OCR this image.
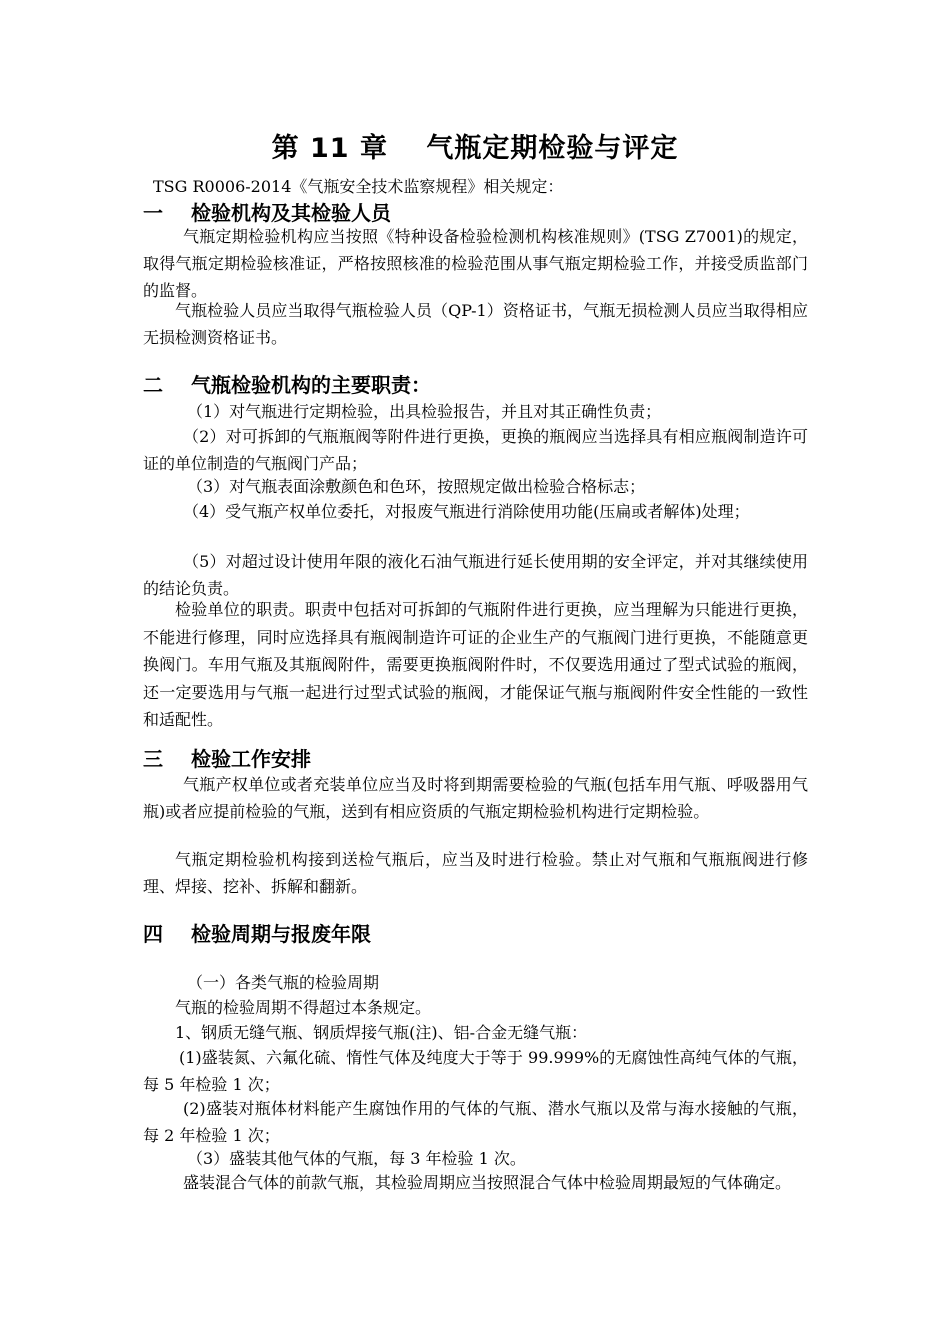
第 11 章　 气瓶定期检验与评定
TSG R0006-2014《气瓶安全技术监察规程》相关规定：
一 检验机构及其检验人员
气瓶定期检验机构应当按照《特种设备检验检测机构核准规则》(TSG Z7001)的规定，取得气瓶定期检验核准证，严格按照核准的检验范围从事气瓶定期检验工作，并接受质监部门的监督。
气瓶检验人员应当取得气瓶检验人员（QP-1）资格证书，气瓶无损检测人员应当取得相应无损检测资格证书。
二 气瓶检验机构的主要职责：
（1）对气瓶进行定期检验，出具检验报告，并且对其正确性负责；
（2）对可拆卸的气瓶瓶阀等附件进行更换，更换的瓶阀应当选择具有相应瓶阀制造许可证的单位制造的气瓶阀门产品；
（3）对气瓶表面涂敷颜色和色环，按照规定做出检验合格标志；
（4）受气瓶产权单位委托，对报废气瓶进行消除使用功能(压扁或者解体)处理；
（5）对超过设计使用年限的液化石油气瓶进行延长使用期的安全评定，并对其继续使用的结论负责。
检验单位的职责。职责中包括对可拆卸的气瓶附件进行更换，应当理解为只能进行更换，不能进行修理，同时应选择具有瓶阀制造许可证的企业生产的气瓶阀门进行更换，不能随意更换阀门。车用气瓶及其瓶阀附件，需要更换瓶阀附件时，不仅要选用通过了型式试验的瓶阀，还一定要选用与气瓶一起进行过型式试验的瓶阀，才能保证气瓶与瓶阀附件安全性能的一致性和适配性。
三 检验工作安排
气瓶产权单位或者充装单位应当及时将到期需要检验的气瓶(包括车用气瓶、呼吸器用气瓶)或者应提前检验的气瓶，送到有相应资质的气瓶定期检验机构进行定期检验。
气瓶定期检验机构接到送检气瓶后，应当及时进行检验。禁止对气瓶和气瓶瓶阀进行修理、焊接、挖补、拆解和翻新。
四 检验周期与报废年限
（一）各类气瓶的检验周期
气瓶的检验周期不得超过本条规定。
1、钢质无缝气瓶、钢质焊接气瓶(注)、铝-合金无缝气瓶：
(1)盛装氮、六氟化硫、惰性气体及纯度大于等于 99.999%的无腐蚀性高纯气体的气瓶，每 5 年检验 1 次；
(2)盛装对瓶体材料能产生腐蚀作用的气体的气瓶、潜水气瓶以及常与海水接触的气瓶，每 2 年检验 1 次；
（3）盛装其他气体的气瓶，每 3 年检验 1 次。
盛装混合气体的前款气瓶，其检验周期应当按照混合气体中检验周期最短的气体确定。
